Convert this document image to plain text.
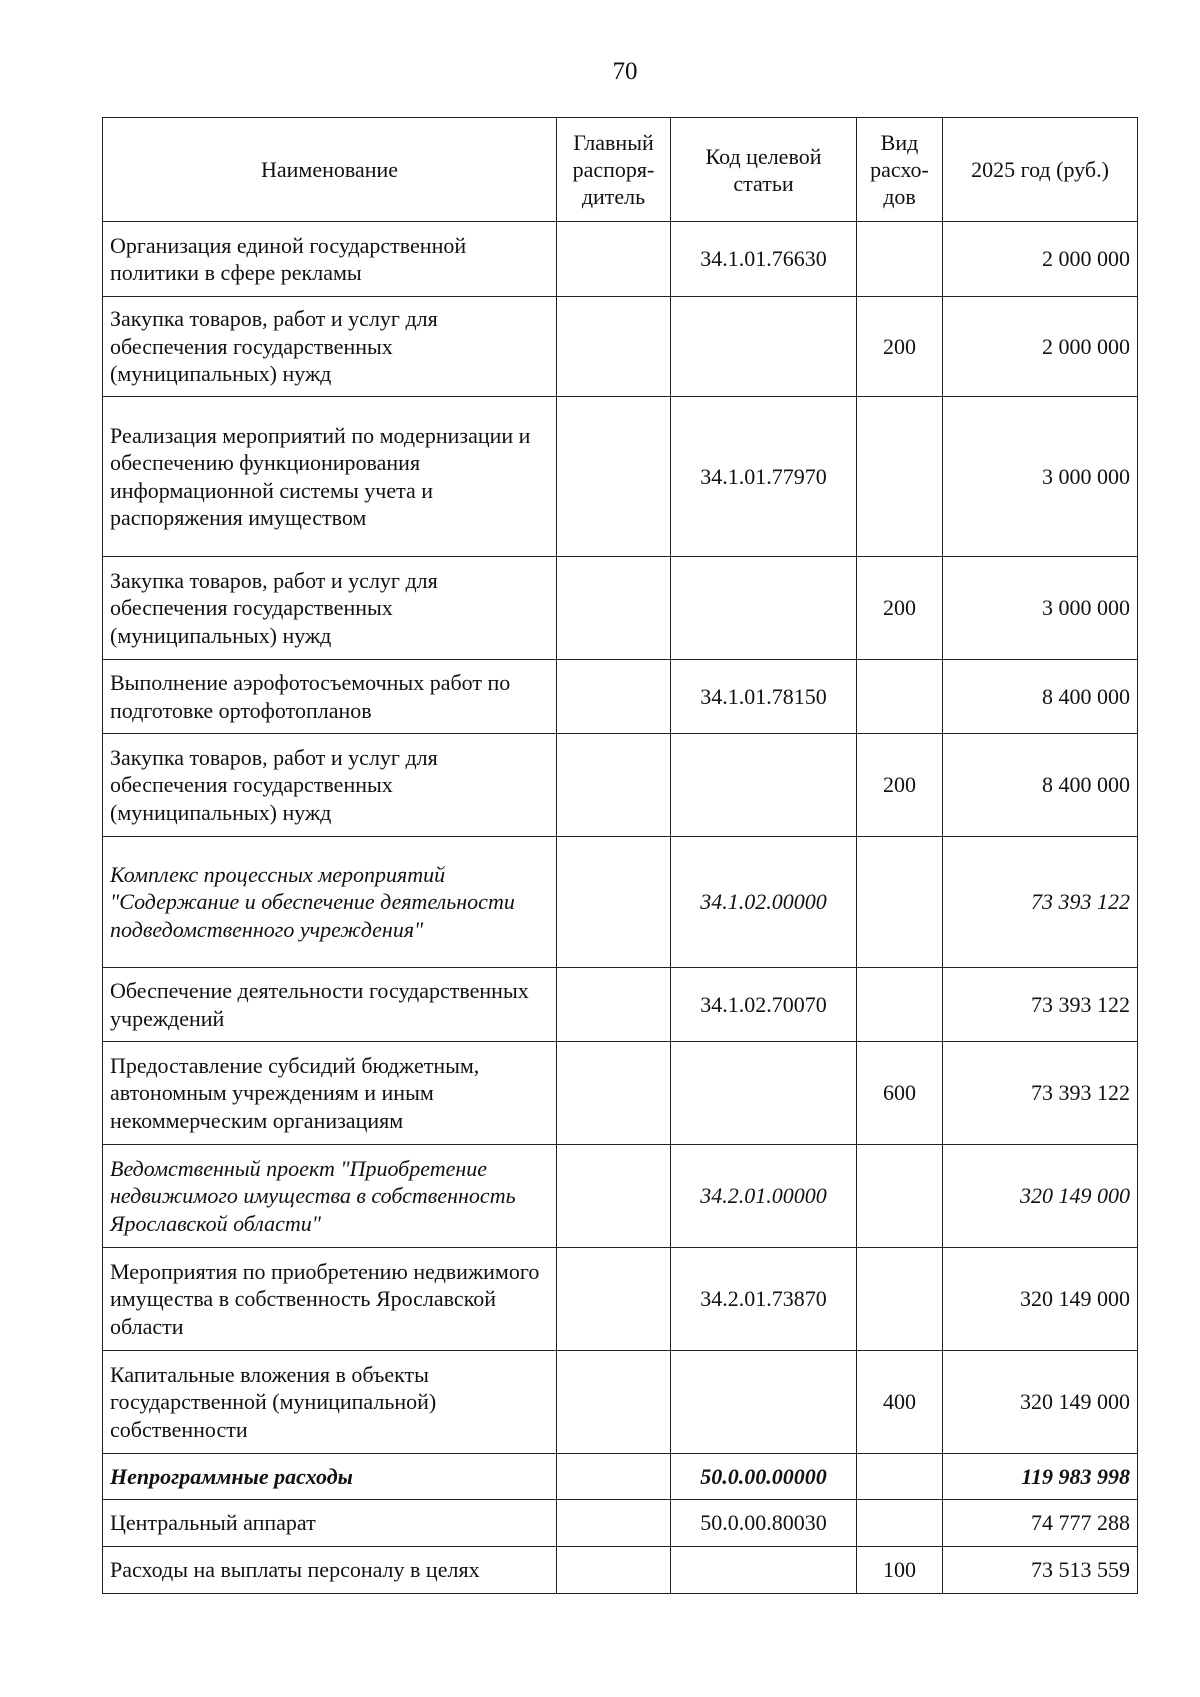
70
Наименование	Главный распоря-дитель	Код целевой статьи	Вид расхо-дов	2025 год (руб.)
Организация единой государственной политики в сфере рекламы		34.1.01.76630		2 000 000
Закупка товаров, работ и услуг для обеспечения государственных (муниципальных) нужд			200	2 000 000
Реализация мероприятий по модернизации и обеспечению функционирования информационной системы учета и распоряжения имуществом		34.1.01.77970		3 000 000
Закупка товаров, работ и услуг для обеспечения государственных (муниципальных) нужд			200	3 000 000
Выполнение аэрофотосъемочных работ по подготовке ортофотопланов		34.1.01.78150		8 400 000
Закупка товаров, работ и услуг для обеспечения государственных (муниципальных) нужд			200	8 400 000
Комплекс процессных мероприятий "Содержание и обеспечение деятельности подведомственного учреждения"		34.1.02.00000		73 393 122
Обеспечение деятельности государственных учреждений		34.1.02.70070		73 393 122
Предоставление субсидий бюджетным, автономным учреждениям и иным некоммерческим организациям			600	73 393 122
Ведомственный проект "Приобретение недвижимого имущества в собственность Ярославской области"		34.2.01.00000		320 149 000
Мероприятия по приобретению недвижимого имущества в собственность Ярославской области		34.2.01.73870		320 149 000
Капитальные вложения в объекты государственной (муниципальной) собственности			400	320 149 000
Непрограммные расходы		50.0.00.00000		119 983 998
Центральный аппарат		50.0.00.80030		74 777 288
Расходы на выплаты персоналу в целях			100	73 513 559
